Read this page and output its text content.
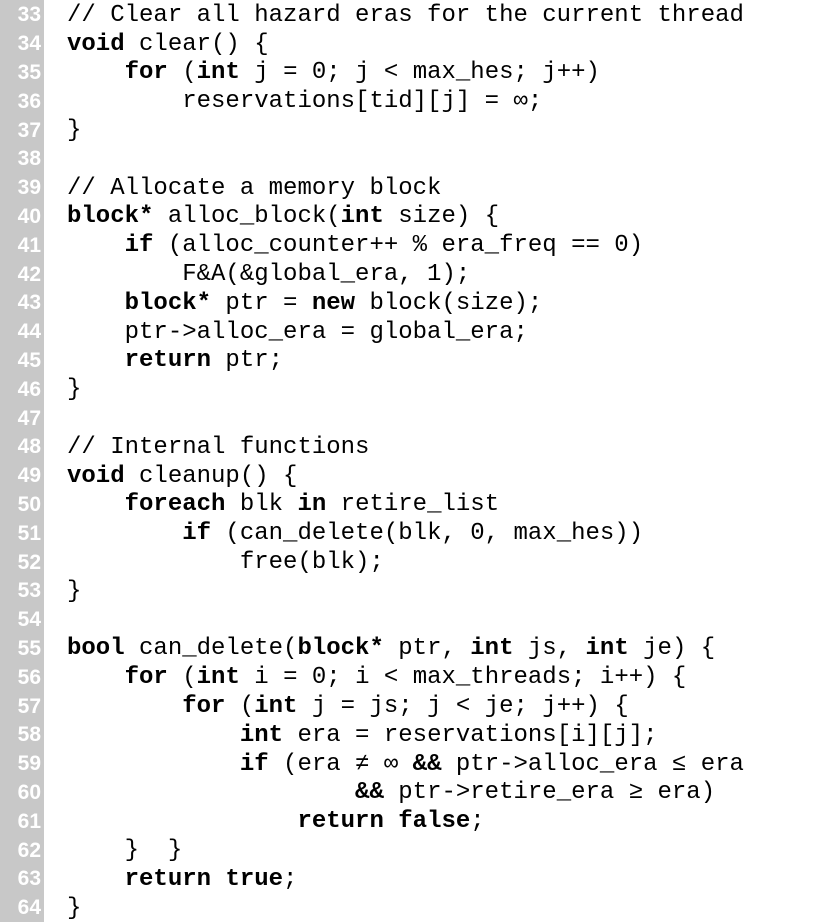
33	// Clear all hazard eras for the current thread
34	void clear() {
35	for (int j = 0; j < max_hes; j++)
36	reservations[tid][j] = ∞;
37	}
38
39	// Allocate a memory block
40	block* alloc_block(int size) {
41	if (alloc_counter++ % era_freq == 0)
42	F&A(&global_era, 1);
43	block* ptr = new block(size);
44	ptr->alloc_era = global_era;
45	return ptr;
46	}
47
48	// Internal functions
49	void cleanup() {
50	foreach blk in retire_list
51	if (can_delete(blk, 0, max_hes))
52	free(blk);
53	}
54
55	bool can_delete(block* ptr, int js, int je) {
56	for (int i = 0; i < max_threads; i++) {
57	for (int j = js; j < je; j++) {
58	int era = reservations[i][j];
59	if (era ≠ ∞ && ptr->alloc_era ≤ era
60	&& ptr->retire_era ≥ era)
61	return false;
62	}  }
63	return true;
64	}
